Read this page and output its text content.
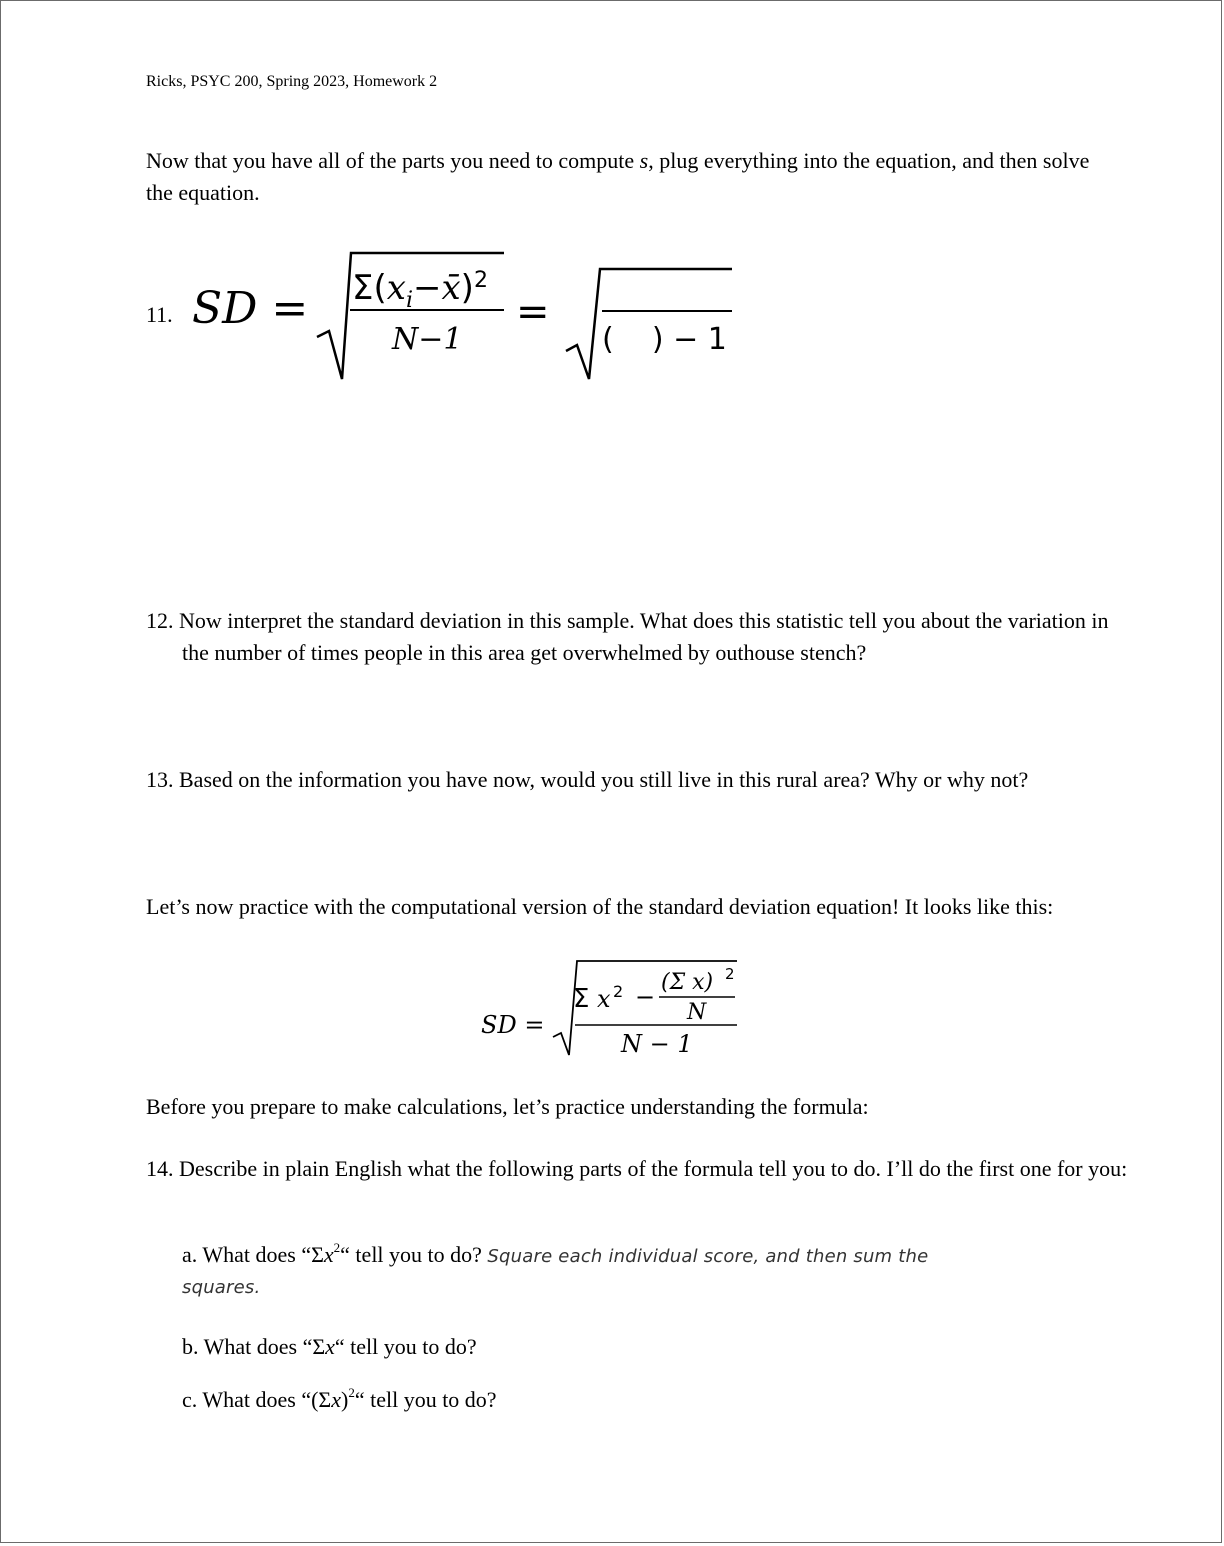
Ricks, PSYC 200, Spring 2023, Homework 2
Now that you have all of the parts you need to compute s, plug everything into the equation, and then solve the equation.
11. SD = $\Sigma(x_i-x̄)^2$
N−1
=
(    ) − 1
12. Now interpret the standard deviation in this sample. What does this statistic tell you about the variation in the number of times people in this area get overwhelmed by outhouse stench?
13. Based on the information you have now, would you still live in this rural area? Why or why not?
Let’s now practice with the computational version of the standard deviation equation! It looks like this:
SD =
Σ x 2 −
(Σ x) 2
N
N − 1
Before you prepare to make calculations, let’s practice understanding the formula:
14. Describe in plain English what the following parts of the formula tell you to do. I’ll do the first one for you:
a. What does “$\Sigma x^2“$ tell you to do? Square each individual score, and then sum the
squares.
b. What does “Σx“ tell you to do?
c. What does “$(\Sigma x)^2“$ tell you to do?
